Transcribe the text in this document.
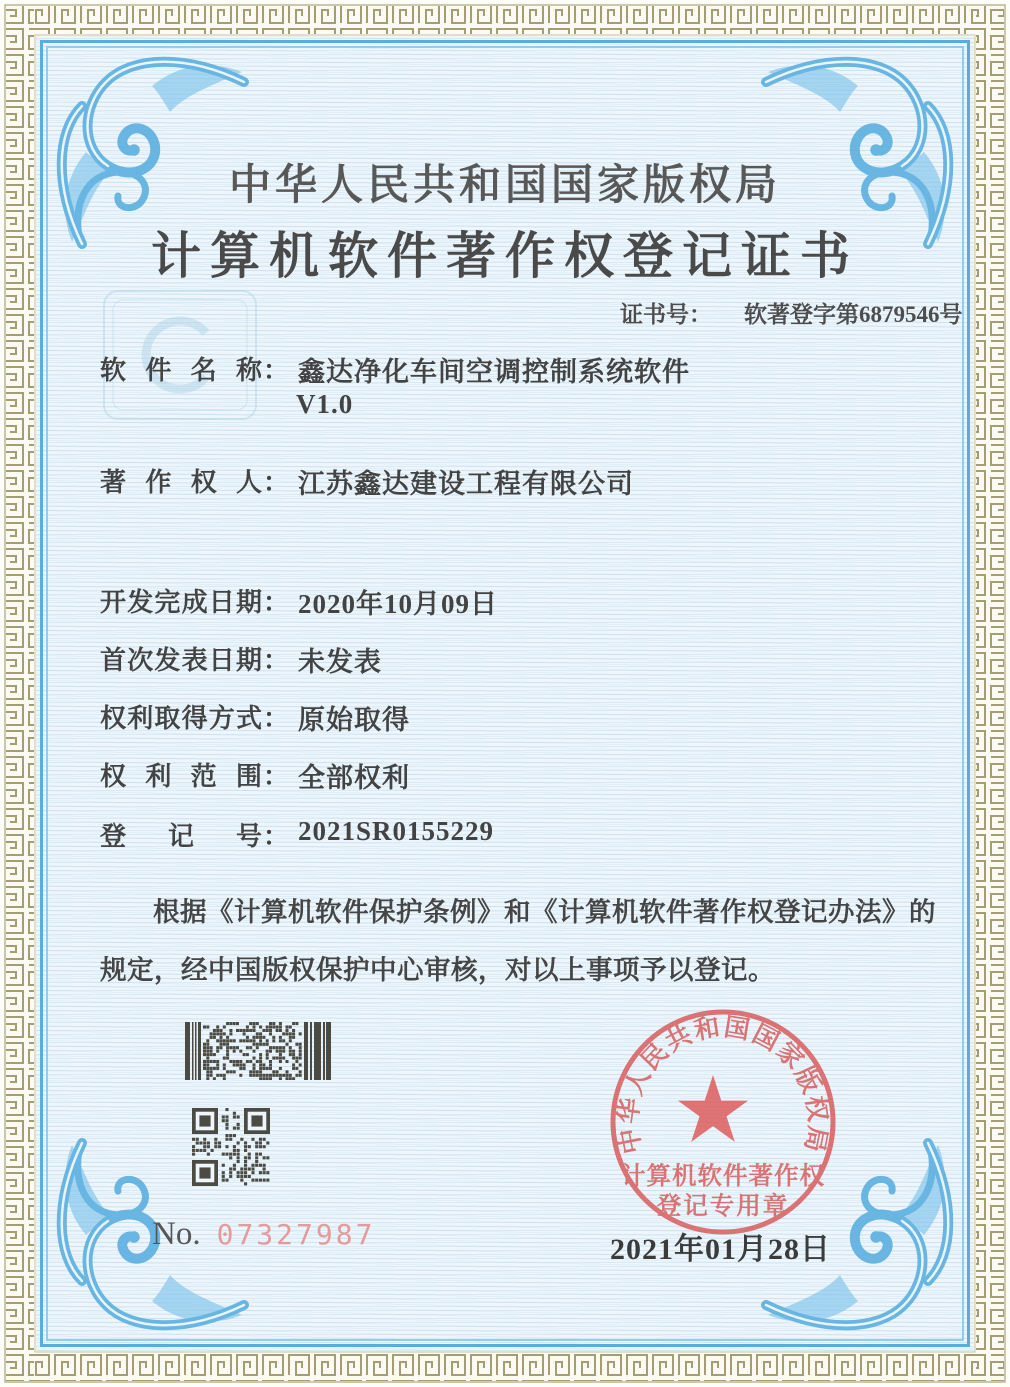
中华人民共和国国家版权局
计算机软件著作权登记证书
证书号： 软著登字第6879546号
软 件 名 称 ： 鑫达净化车间空调控制系统软件
V1.0
著 作 权 人 ： 江苏鑫达建设工程有限公司
开 发 完 成 日 期 ： 2020年10月09日
首 次 发 表 日 期 ： 未发表
权 利 取 得 方 式 ： 原始取得
权 利 范 围 ： 全部权利
登 记 号 ： 2021SR0155229
根据《计算机软件保护条例》和《计算机软件著作权登记办法》的
规定，经中国版权保护中心审核，对以上事项予以登记。
No. 07327987
中华人民共和国国家版权局
计算机软件著作权
登记专用章
2021年01月28日
